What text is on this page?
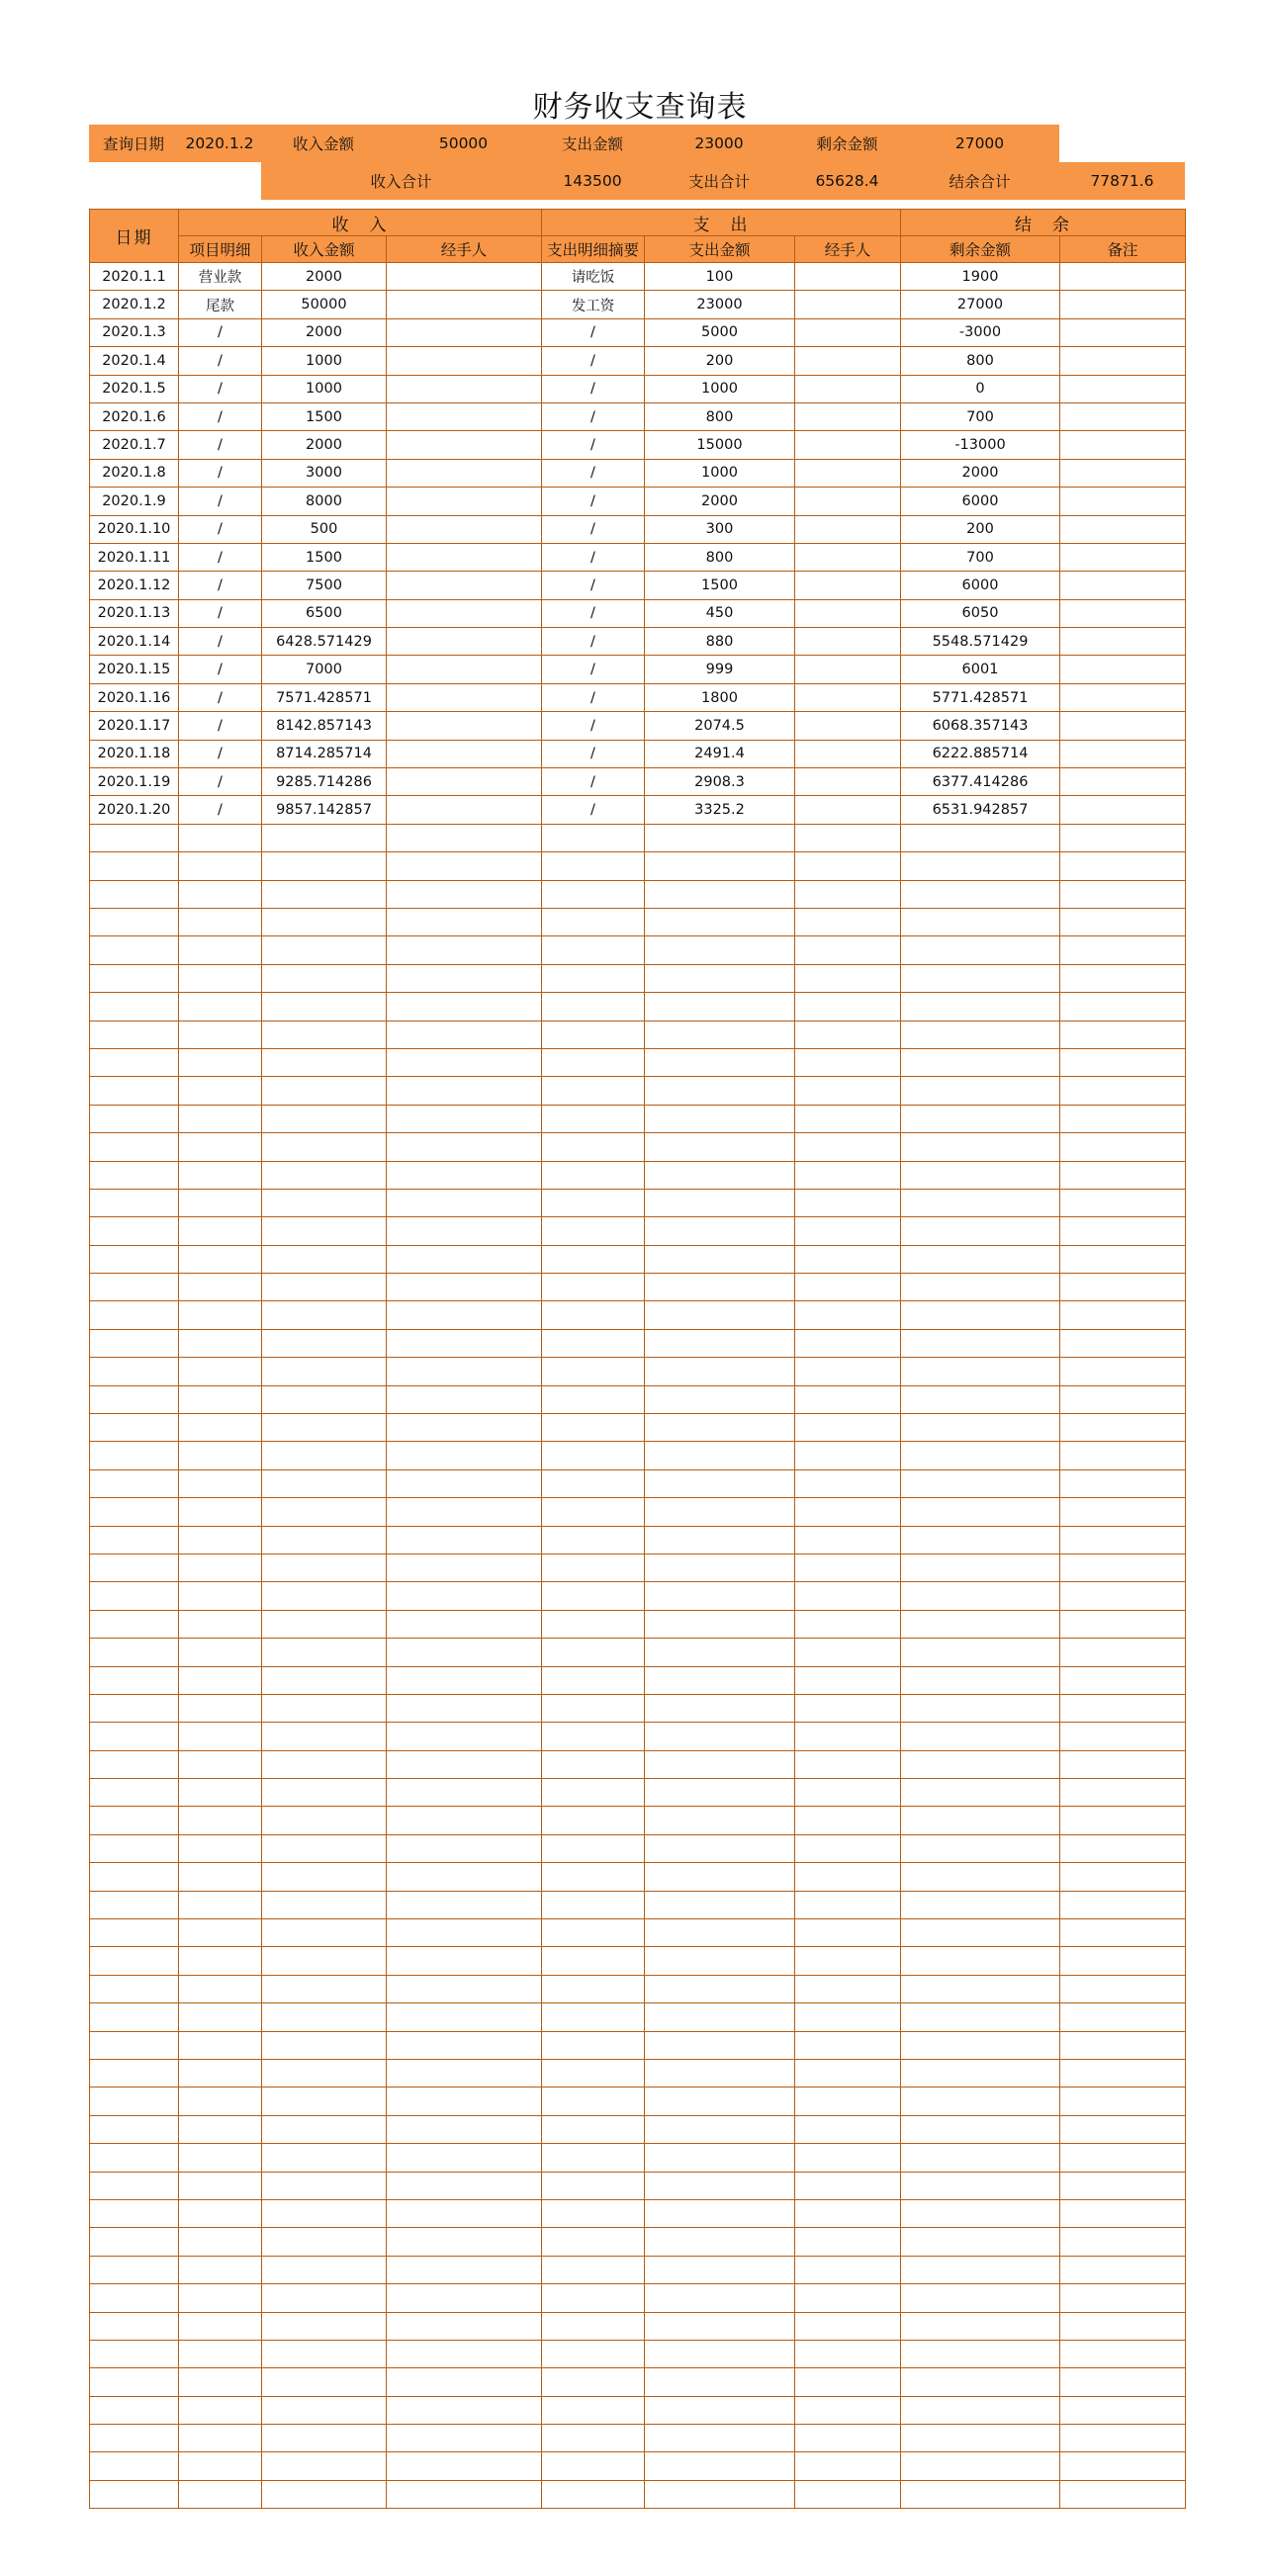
财务收支查询表
查询日期	2020.1.2	收入金额	50000	支出金额	23000	剩余金额	27000	
		收入合计		143500	支出合计	65628.4	结余合计	77871.6
日期	收　入			支　出			结　余	
	项目明细	收入金额	经手人	支出明细摘要	支出金额	经手人	剩余金额	备注
2020.1.1	营业款	2000		请吃饭	100		1900	
2020.1.2	尾款	50000		发工资	23000		27000	
2020.1.3	/	2000		/	5000		-3000	
2020.1.4	/	1000		/	200		800	
2020.1.5	/	1000		/	1000		0	
2020.1.6	/	1500		/	800		700	
2020.1.7	/	2000		/	15000		-13000	
2020.1.8	/	3000		/	1000		2000	
2020.1.9	/	8000		/	2000		6000	
2020.1.10	/	500		/	300		200	
2020.1.11	/	1500		/	800		700	
2020.1.12	/	7500		/	1500		6000	
2020.1.13	/	6500		/	450		6050	
2020.1.14	/	6428.571429		/	880		5548.571429	
2020.1.15	/	7000		/	999		6001	
2020.1.16	/	7571.428571		/	1800		5771.428571	
2020.1.17	/	8142.857143		/	2074.5		6068.357143	
2020.1.18	/	8714.285714		/	2491.4		6222.885714	
2020.1.19	/	9285.714286		/	2908.3		6377.414286	
2020.1.20	/	9857.142857		/	3325.2		6531.942857	
